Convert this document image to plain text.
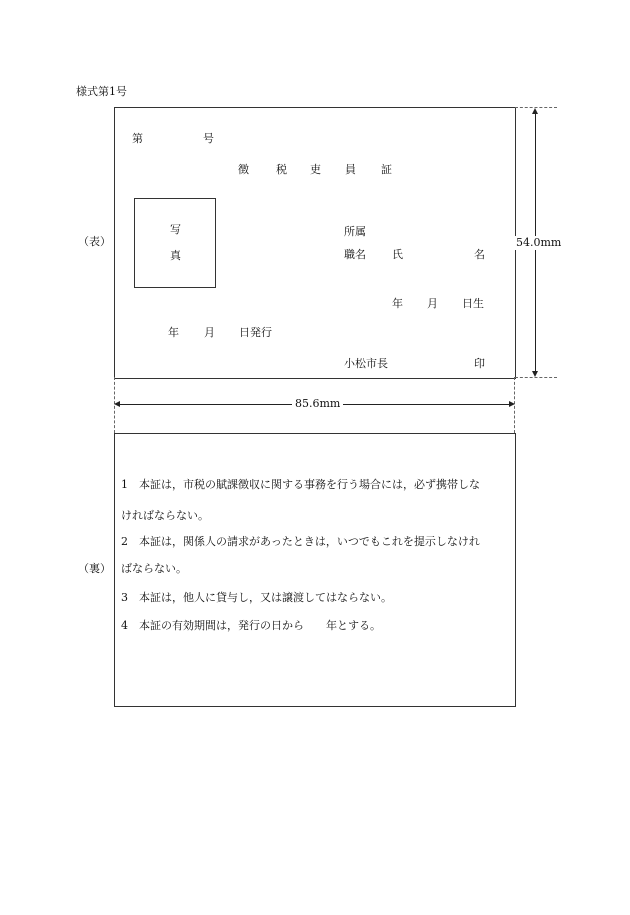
様式第1号
（表）
（裏）
第	号
徴 税 吏 員 証
写
真
所属
職名 氏	名
年 月 日生
年 月 日発行
小松市長	印
54.0mm
85.6mm
1　本証は，市税の賦課徴収に関する事務を行う場合には，必ず携帯しな
ければならない。
2　本証は，関係人の請求があったときは，いつでもこれを提示しなけれ
ばならない。
3　本証は，他人に貸与し，又は譲渡してはならない。
4　本証の有効期間は，発行の日から　　年とする。
